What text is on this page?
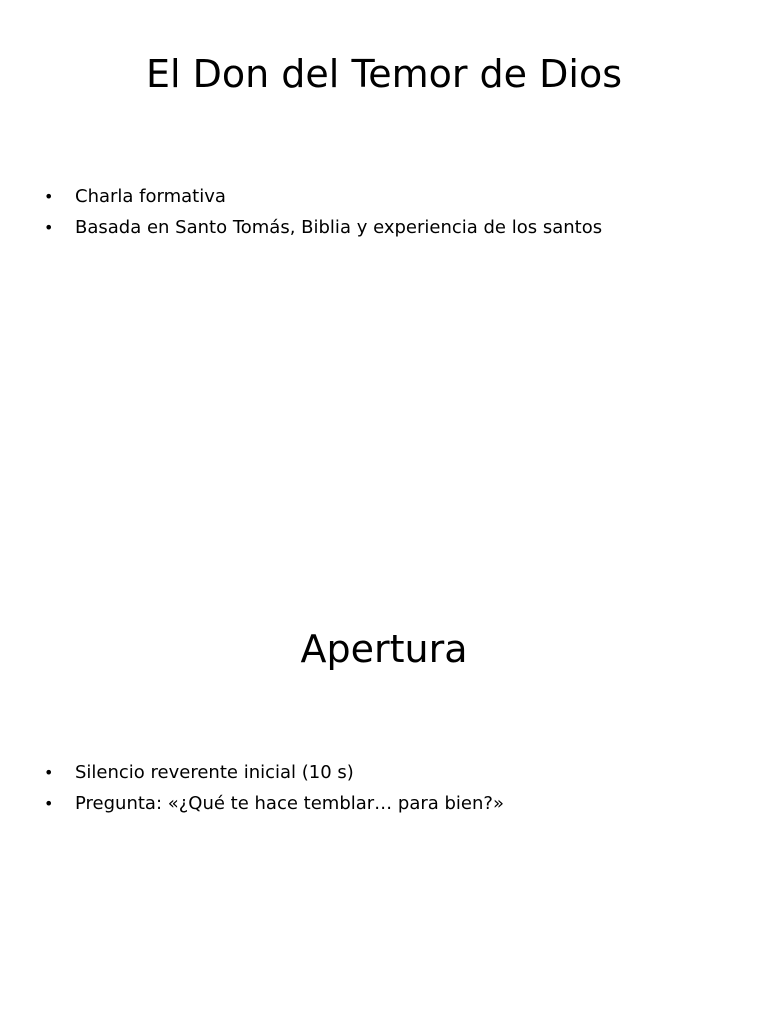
El Don del Temor de Dios
•	Charla formativa
•	Basada en Santo Tomás, Biblia y experiencia de los santos
Apertura
•	Silencio reverente inicial (10 s)
•	Pregunta: «¿Qué te hace temblar… para bien?»
